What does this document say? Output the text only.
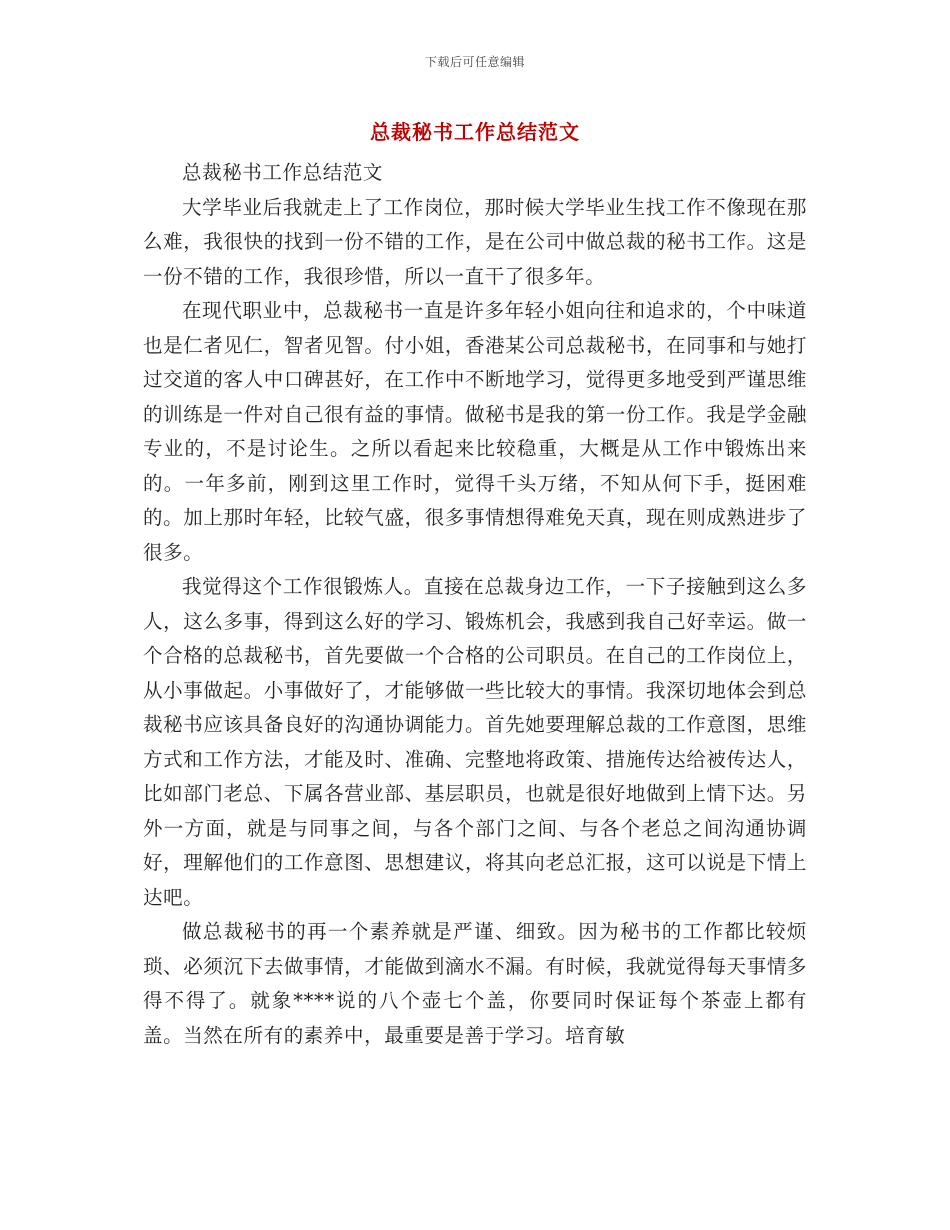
下载后可任意编辑
总裁秘书工作总结范文

总裁秘书工作总结范文

大学毕业后我就走上了工作岗位，那时候大学毕业生找工作不像现在那么难，我很快的找到一份不错的工作，是在公司中做总裁的秘书工作。这是一份不错的工作，我很珍惜，所以一直干了很多年。

在现代职业中，总裁秘书一直是许多年轻小姐向往和追求的，个中味道也是仁者见仁，智者见智。付小姐，香港某公司总裁秘书，在同事和与她打过交道的客人中口碑甚好，在工作中不断地学习，觉得更多地受到严谨思维的训练是一件对自己很有益的事情。做秘书是我的第一份工作。我是学金融专业的，不是讨论生。之所以看起来比较稳重，大概是从工作中锻炼出来的。一年多前，刚到这里工作时，觉得千头万绪，不知从何下手，挺困难的。加上那时年轻，比较气盛，很多事情想得难免天真，现在则成熟进步了很多。

我觉得这个工作很锻炼人。直接在总裁身边工作，一下子接触到这么多人，这么多事，得到这么好的学习、锻炼机会，我感到我自己好幸运。做一个合格的总裁秘书，首先要做一个合格的公司职员。在自己的工作岗位上，从小事做起。小事做好了，才能够做一些比较大的事情。我深切地体会到总裁秘书应该具备良好的沟通协调能力。首先她要理解总裁的工作意图，思维方式和工作方法，才能及时、准确、完整地将政策、措施传达给被传达人，比如部门老总、下属各营业部、基层职员，也就是很好地做到上情下达。另外一方面，就是与同事之间，与各个部门之间、与各个老总之间沟通协调好，理解他们的工作意图、思想建议，将其向老总汇报，这可以说是下情上达吧。

做总裁秘书的再一个素养就是严谨、细致。因为秘书的工作都比较烦琐、必须沉下去做事情，才能做到滴水不漏。有时候，我就觉得每天事情多得不得了。就象****说的八个壶七个盖，你要同时保证每个茶壶上都有盖。当然在所有的素养中，最重要是善于学习。培育敏
